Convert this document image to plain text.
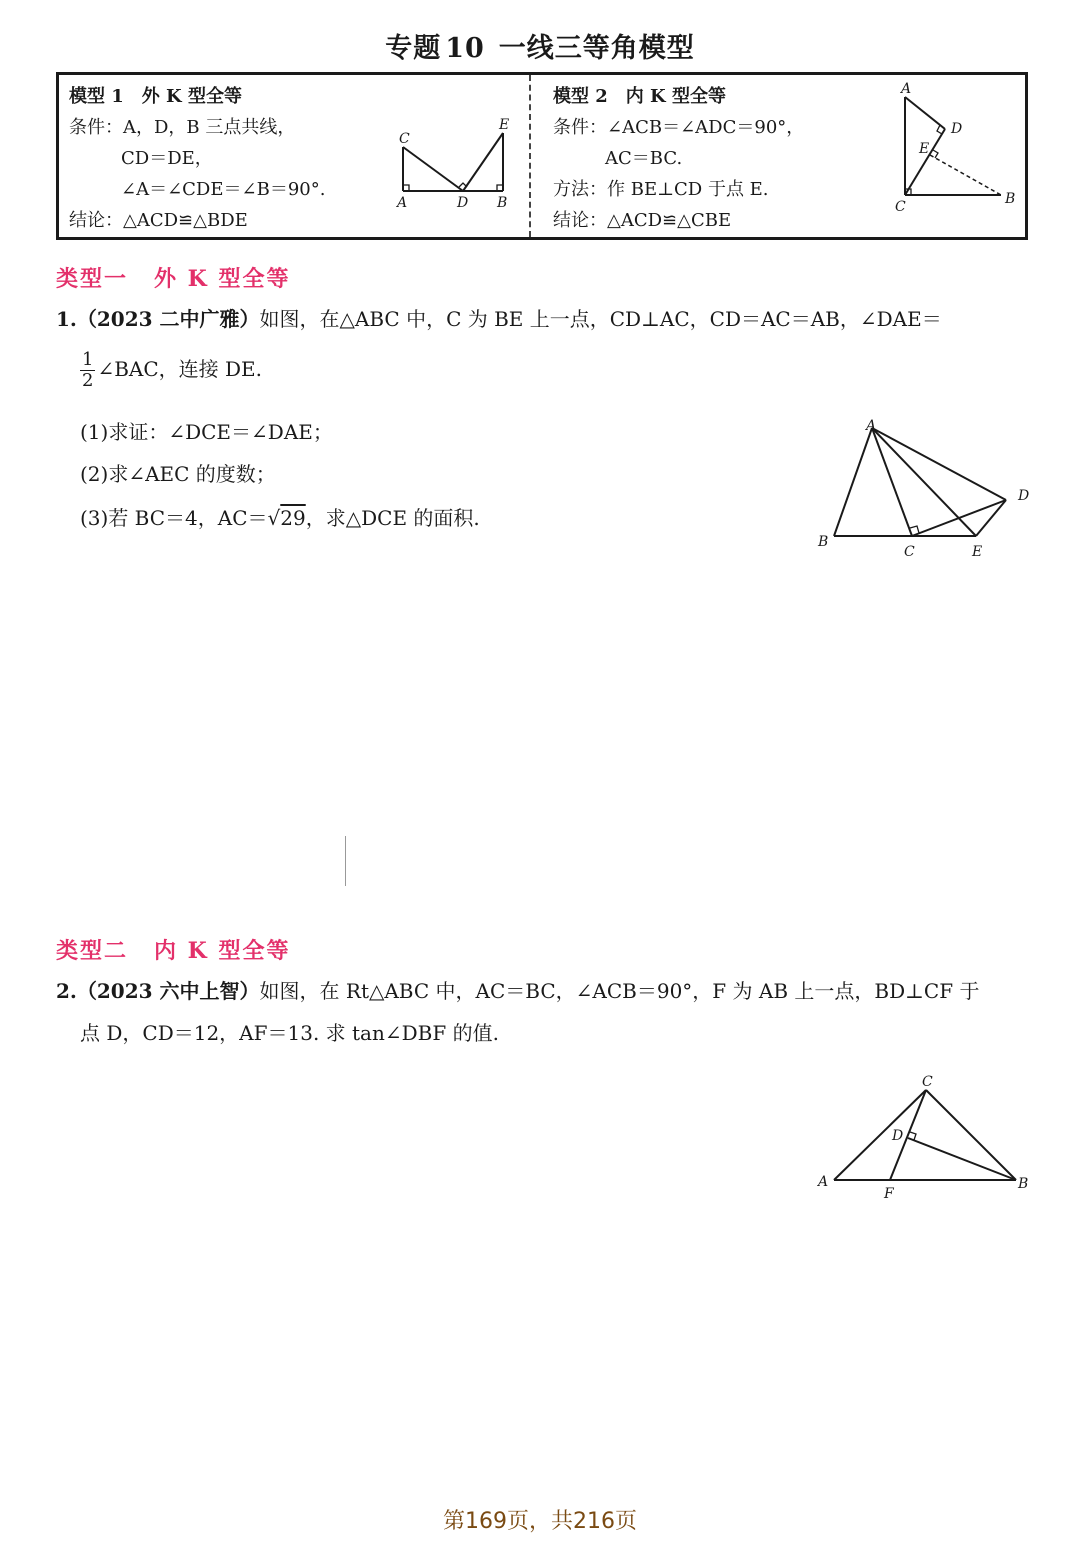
专题 10 一线三等角模型
模型 1　外 K 型全等
条件：A，D，B 三点共线，
CD＝DE，
∠A＝∠CDE＝∠B＝90°.
结论：△ACD≌△BDE
A
C
D B
E
模型 2　内 K 型全等
条件：∠ACB＝∠ADC＝90°，
AC＝BC.
方法：作 BE⊥CD 于点 E.
结论：△ACD≌△CBE
A
D
E
C	B
类型一 外 K 型全等
1.（2023 二中广雅）如图，在△ABC 中，C 为 BE 上一点，CD⊥AC，CD＝AC＝AB，∠DAE＝
$\frac{1}{2}$ ∠BAC，连接 DE.
(1)求证：∠DCE＝∠DAE；
(2)求∠AEC 的度数；
(3)若 BC＝4，AC＝√29，求△DCE 的面积.
A
B
C	E
D
类型二 内 K 型全等
2.（2023 六中上智）如图，在 Rt△ABC 中，AC＝BC，∠ACB＝90°，F 为 AB 上一点，BD⊥CF 于
点 D，CD＝12，AF＝13. 求 tan∠DBF 的值.
C
D
A
F
B
第169页，共216页
